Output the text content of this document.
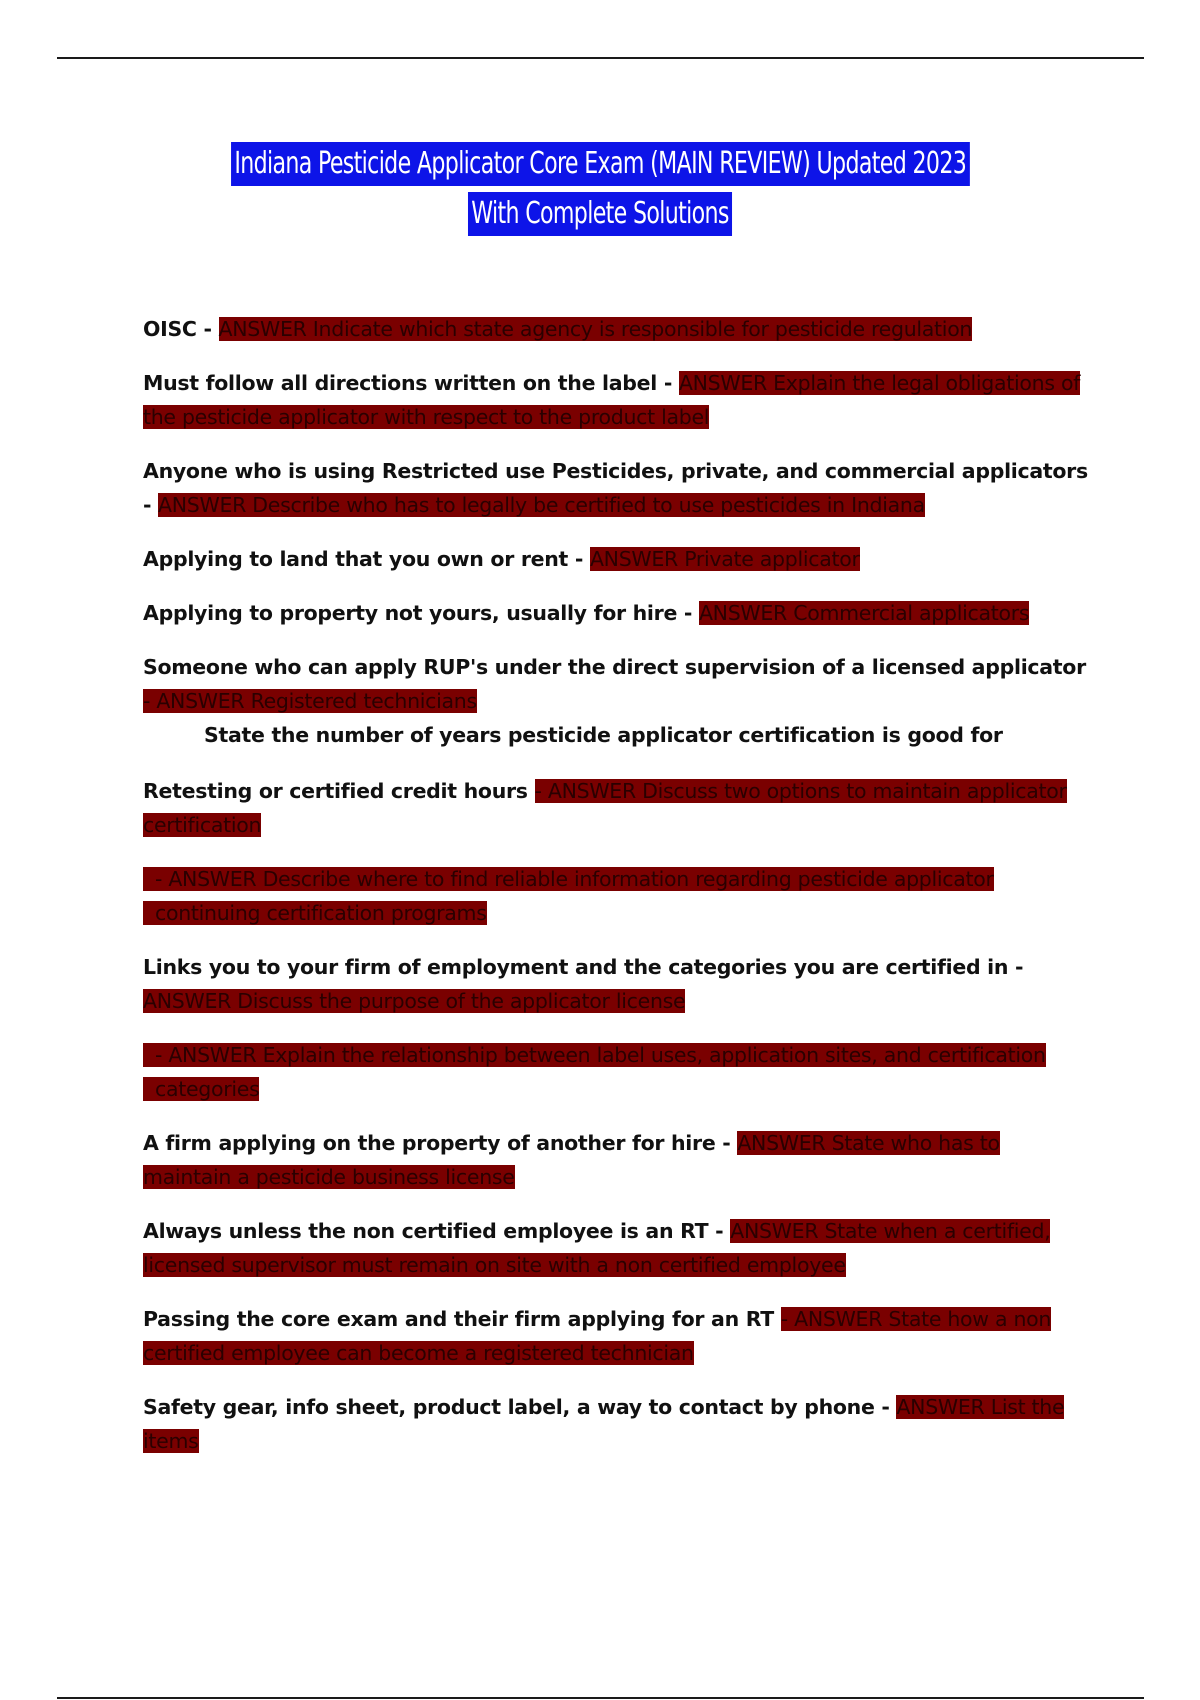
Indiana Pesticide Applicator Core Exam (MAIN REVIEW) Updated 2023
With Complete Solutions
OISC - ANSWER Indicate which state agency is responsible for pesticide regulation
Must follow all directions written on the label - ANSWER Explain the legal obligations of the pesticide applicator with respect to the product label
Anyone who is using Restricted use Pesticides, private, and commercial applicators - ANSWER Describe who has to legally be certified to use pesticides in Indiana
Applying to land that you own or rent - ANSWER Private applicator
Applying to property not yours, usually for hire - ANSWER Commercial applicators
Someone who can apply RUP's under the direct supervision of a licensed applicator - ANSWER Registered technicians
State the number of years pesticide applicator certification is good for
Retesting or certified credit hours - ANSWER Discuss two options to maintain applicator certification
- ANSWER Describe where to find reliable information regarding pesticide applicator continuing certification programs
Links you to your firm of employment and the categories you are certified in - ANSWER Discuss the purpose of the applicator license
- ANSWER Explain the relationship between label uses, application sites, and certification categories
A firm applying on the property of another for hire - ANSWER State who has to maintain a pesticide business license
Always unless the non certified employee is an RT - ANSWER State when a certified, licensed supervisor must remain on site with a non certified employee
Passing the core exam and their firm applying for an RT - ANSWER State how a non certified employee can become a registered technician
Safety gear, info sheet, product label, a way to contact by phone - ANSWER List the items
